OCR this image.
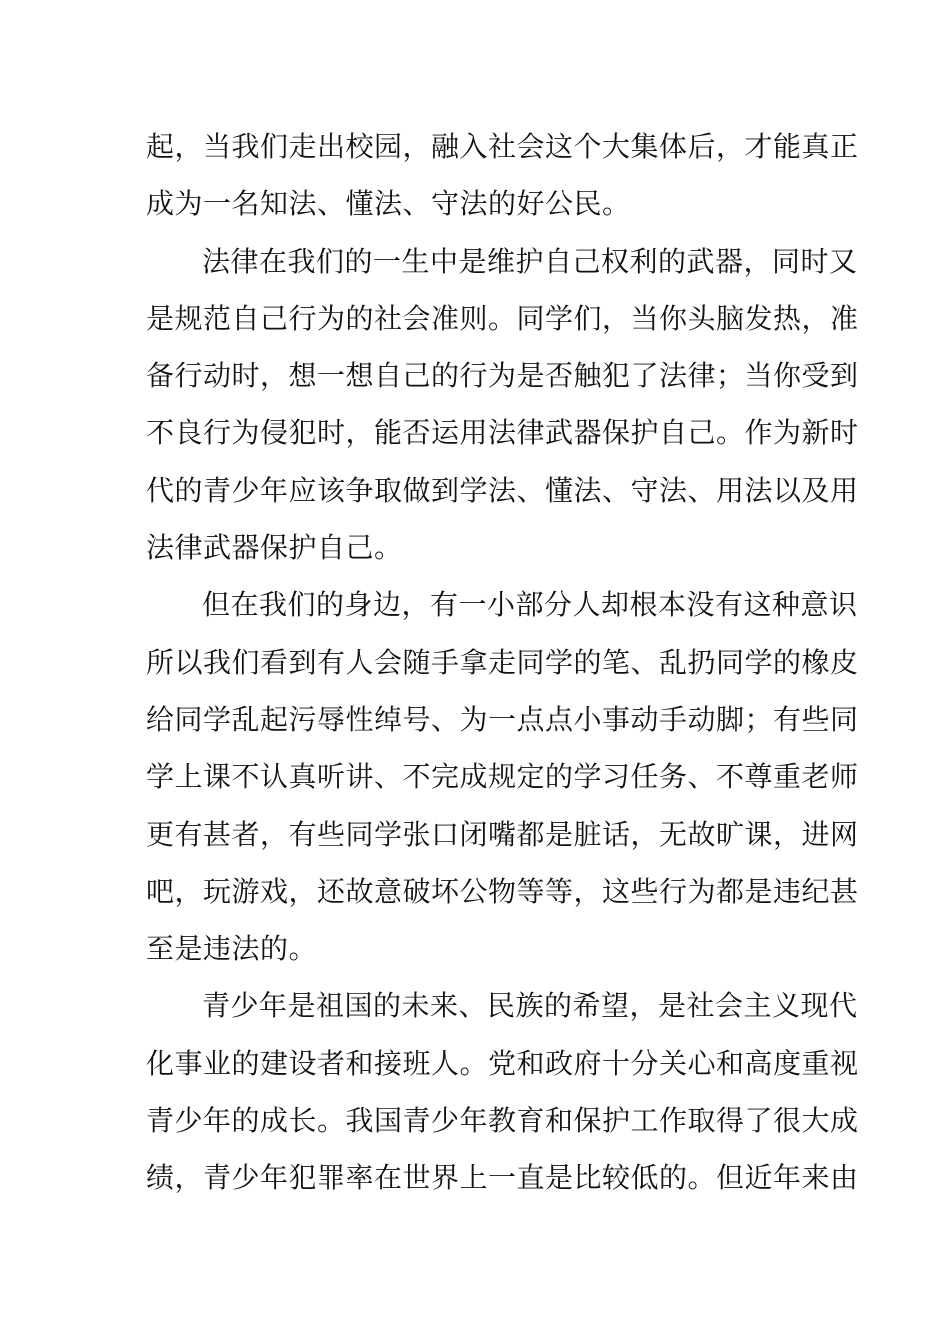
起，当我们走出校园，融入社会这个大集体后，才能真正
成为一名知法、懂法、守法的好公民。
法律在我们的一生中是维护自己权利的武器，同时又
是规范自己行为的社会准则。同学们，当你头脑发热，准
备行动时，想一想自己的行为是否触犯了法律；当你受到
不良行为侵犯时，能否运用法律武器保护自己。作为新时
代的青少年应该争取做到学法、懂法、守法、用法以及用
法律武器保护自己。
但在我们的身边，有一小部分人却根本没有这种意识
所以我们看到有人会随手拿走同学的笔、乱扔同学的橡皮
给同学乱起污辱性绰号、为一点点小事动手动脚；有些同
学上课不认真听讲、不完成规定的学习任务、不尊重老师
更有甚者，有些同学张口闭嘴都是脏话，无故旷课，进网
吧，玩游戏，还故意破坏公物等等，这些行为都是违纪甚
至是违法的。
青少年是祖国的未来、民族的希望，是社会主义现代
化事业的建设者和接班人。党和政府十分关心和高度重视
青少年的成长。我国青少年教育和保护工作取得了很大成
绩，青少年犯罪率在世界上一直是比较低的。但近年来由
